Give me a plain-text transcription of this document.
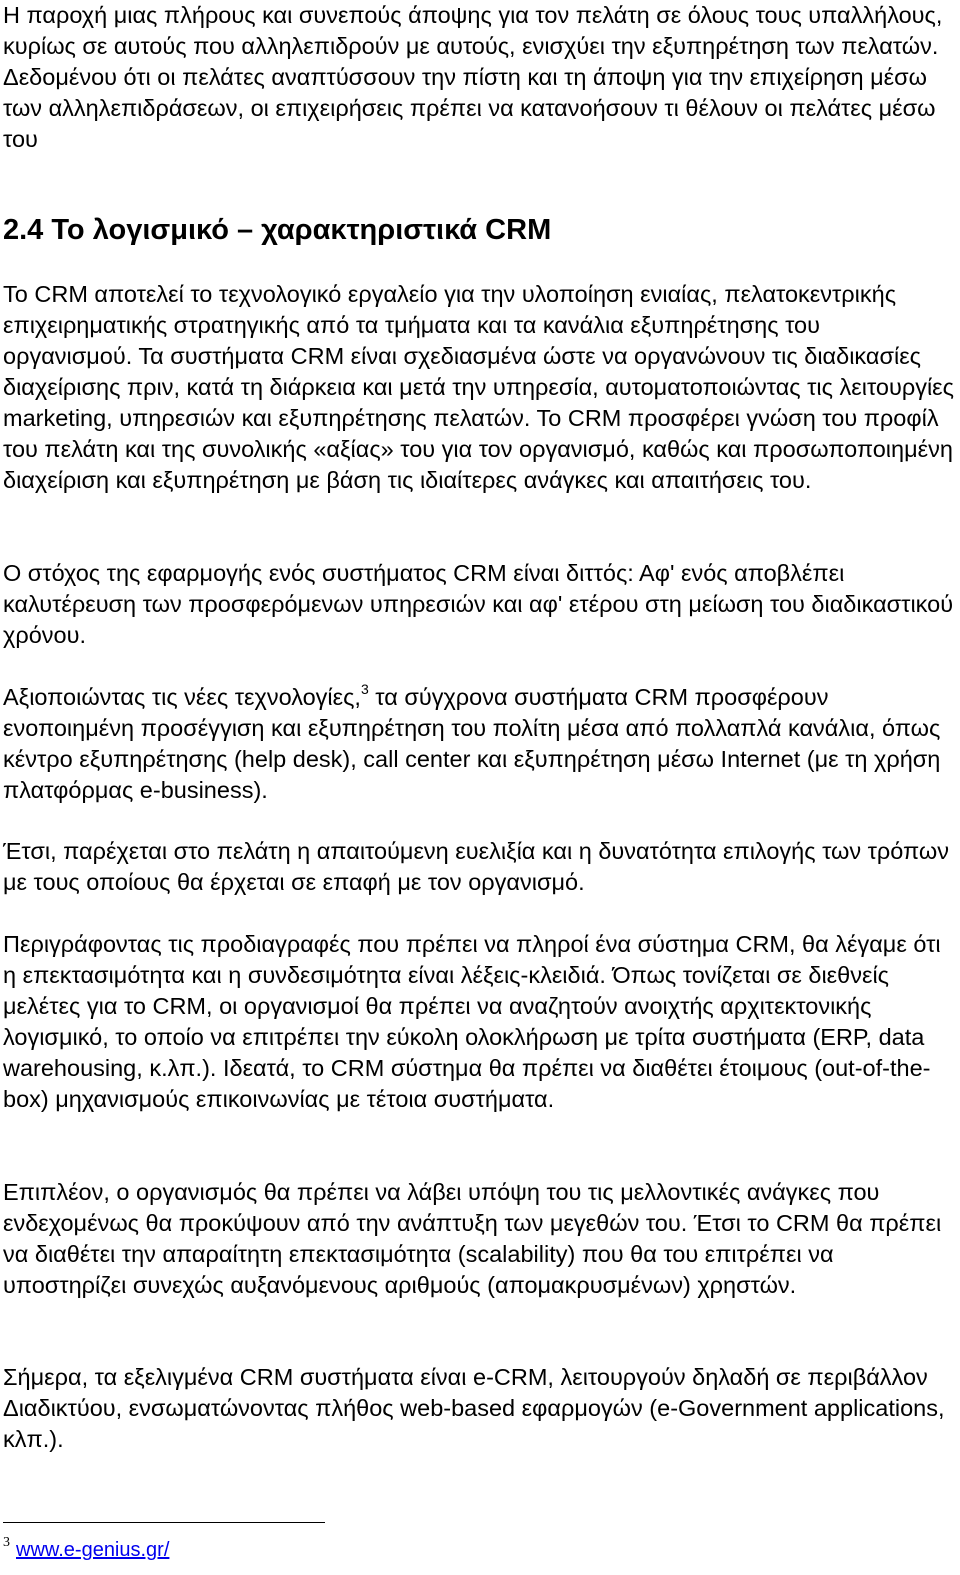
Η παροχή μιας πλήρους και συνεπούς άποψης για τον πελάτη σε όλους τους υπαλλήλους, κυρίως σε αυτούς που αλληλεπιδρούν με αυτούς, ενισχύει την εξυπηρέτηση των πελατών. Δεδομένου ότι οι πελάτες αναπτύσσουν την πίστη και τη άποψη για την επιχείρηση μέσω των αλληλεπιδράσεων, οι επιχειρήσεις πρέπει να κατανοήσουν τι θέλουν οι πελάτες μέσω του

2.4 Το λογισμικό – χαρακτηριστικά CRM

Το CRM αποτελεί το τεχνολογικό εργαλείο για την υλοποίηση ενιαίας, πελατοκεντρικής επιχειρηματικής στρατηγικής από τα τμήματα και τα κανάλια εξυπηρέτησης του οργανισμού. Τα συστήματα CRM είναι σχεδιασμένα ώστε να οργανώνουν τις διαδικασίες διαχείρισης πριν, κατά τη διάρκεια και μετά την υπηρεσία, αυτοματοποιώντας τις λειτουργίες marketing, υπηρεσιών και εξυπηρέτησης πελατών. Το CRM προσφέρει γνώση του προφίλ του πελάτη και της συνολικής «αξίας» του για τον οργανισμό, καθώς και προσωποποιημένη διαχείριση και εξυπηρέτηση με βάση τις ιδιαίτερες ανάγκες και απαιτήσεις του.

Ο στόχος της εφαρμογής ενός συστήματος CRM είναι διττός: Αφ' ενός αποβλέπει καλυτέρευση των προσφερόμενων υπηρεσιών και αφ' ετέρου στη μείωση του διαδικαστικού χρόνου.

Αξιοποιώντας τις νέες τεχνολογίες,$^3$ τα σύγχρονα συστήματα CRM προσφέρουν ενοποιημένη προσέγγιση και εξυπηρέτηση του πολίτη μέσα από πολλαπλά κανάλια, όπως κέντρο εξυπηρέτησης (help desk), call center και εξυπηρέτηση μέσω Internet (με τη χρήση πλατφόρμας e-business).

Έτσι, παρέχεται στο πελάτη η απαιτούμενη ευελιξία και η δυνατότητα επιλογής των τρόπων με τους οποίους θα έρχεται σε επαφή με τον οργανισμό.

Περιγράφοντας τις προδιαγραφές που πρέπει να πληροί ένα σύστημα CRM, θα λέγαμε ότι η επεκτασιμότητα και η συνδεσιμότητα είναι λέξεις-κλειδιά. Όπως τονίζεται σε διεθνείς μελέτες για το CRM, οι οργανισμοί θα πρέπει να αναζητούν ανοιχτής αρχιτεκτονικής λογισμικό, το οποίο να επιτρέπει την εύκολη ολοκλήρωση με τρίτα συστήματα (ERP, data warehousing, κ.λπ.). Ιδεατά, το CRM σύστημα θα πρέπει να διαθέτει έτοιμους (out-of-the-box) μηχανισμούς επικοινωνίας με τέτοια συστήματα.

Επιπλέον, ο οργανισμός θα πρέπει να λάβει υπόψη του τις μελλοντικές ανάγκες που ενδεχομένως θα προκύψουν από την ανάπτυξη των μεγεθών του. Έτσι το CRM θα πρέπει να διαθέτει την απαραίτητη επεκτασιμότητα (scalability) που θα του επιτρέπει να υποστηρίζει συνεχώς αυξανόμενους αριθμούς (απομακρυσμένων) χρηστών.

Σήμερα, τα εξελιγμένα CRM συστήματα είναι e-CRM, λειτουργούν δηλαδή σε περιβάλλον Διαδικτύου, ενσωματώνοντας πλήθος web-based εφαρμογών (e-Government applications, κλπ.).

$^3$ www.e-genius.gr/
